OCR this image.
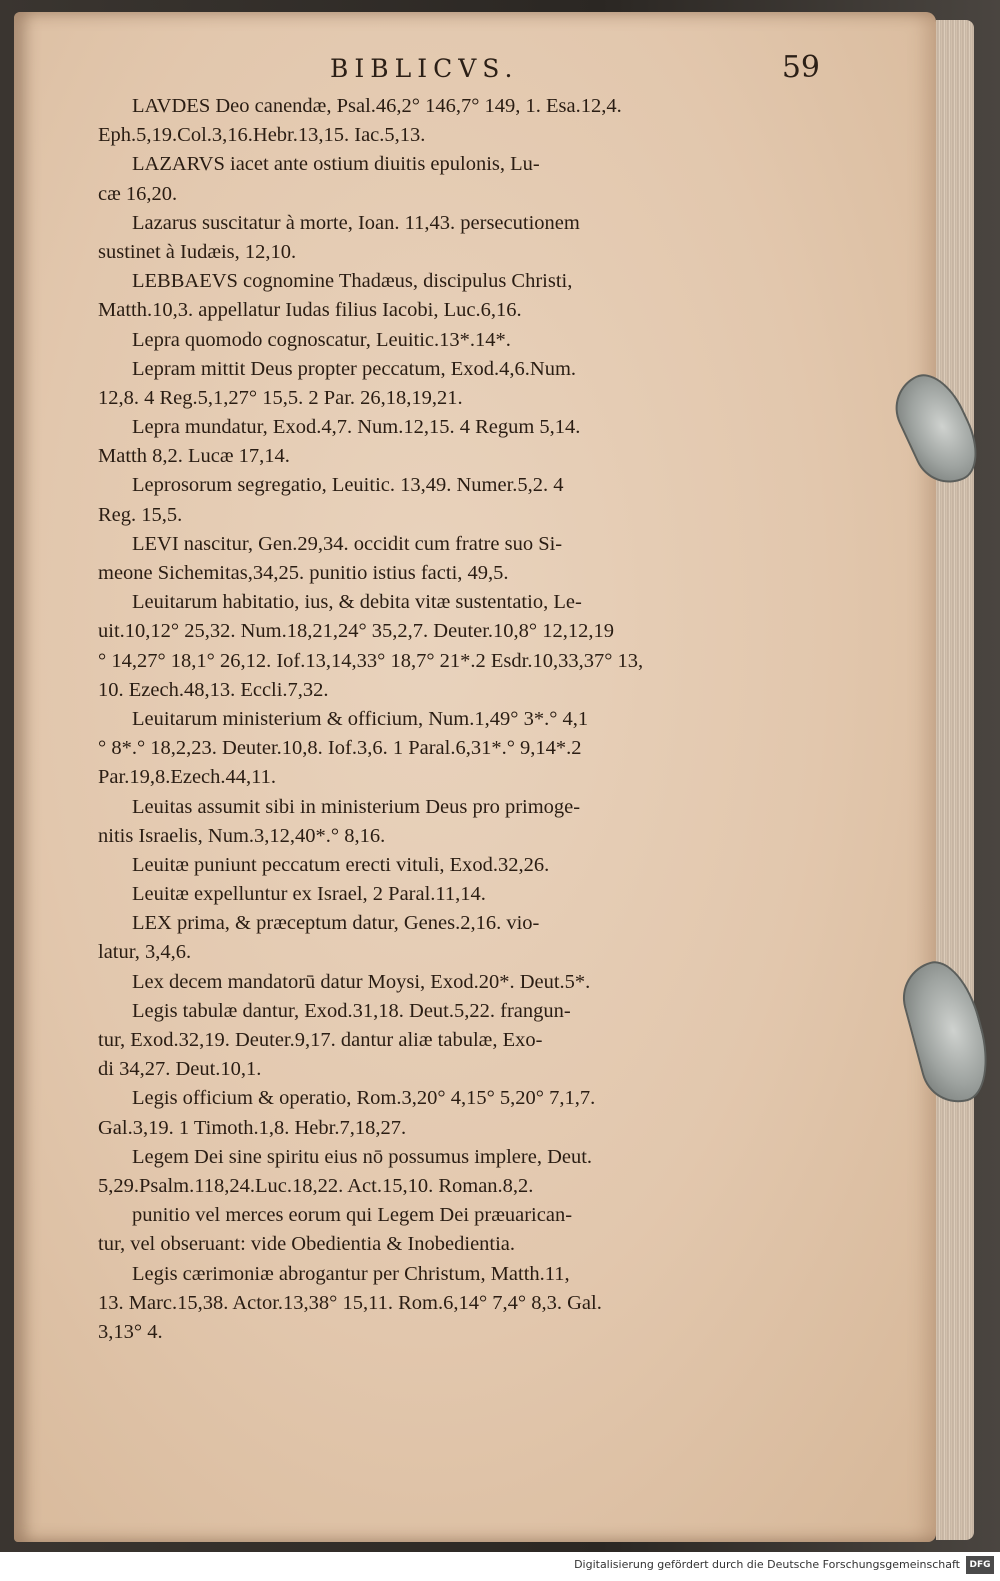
BIBLICVS.	59
LAVDES Deo canendæ, Psal.46,2° 146,7° 149, 1. Esa.12,4.
Eph.5,19.Col.3,16.Hebr.13,15. Iac.5,13.
LAZARVS iacet ante ostium diuitis epulonis, Lu-
cæ 16,20.
Lazarus suscitatur à morte, Ioan. 11,43. persecutionem
sustinet à Iudæis, 12,10.
LEBBAEVS cognomine Thadæus, discipulus Christi,
Matth.10,3. appellatur Iudas filius Iacobi, Luc.6,16.
Lepra quomodo cognoscatur, Leuitic.13*.14*.
Lepram mittit Deus propter peccatum, Exod.4,6.Num.
12,8. 4 Reg.5,1,27° 15,5. 2 Par. 26,18,19,21.
Lepra mundatur, Exod.4,7. Num.12,15. 4 Regum 5,14.
Matth 8,2. Lucæ 17,14.
Leprosorum segregatio, Leuitic. 13,49. Numer.5,2. 4
Reg. 15,5.
LEVI nascitur, Gen.29,34. occidit cum fratre suo Si-
meone Sichemitas,34,25. punitio istius facti, 49,5.
Leuitarum habitatio, ius, & debita vitæ sustentatio, Le-
uit.10,12° 25,32. Num.18,21,24° 35,2,7. Deuter.10,8° 12,12,19
° 14,27° 18,1° 26,12. Iof.13,14,33° 18,7° 21*.2 Esdr.10,33,37° 13,
10. Ezech.48,13. Eccli.7,32.
Leuitarum ministerium & officium, Num.1,49° 3*.° 4,1
° 8*.° 18,2,23. Deuter.10,8. Iof.3,6. 1 Paral.6,31*.° 9,14*.2
Par.19,8.Ezech.44,11.
Leuitas assumit sibi in ministerium Deus pro primoge-
nitis Israelis, Num.3,12,40*.° 8,16.
Leuitæ puniunt peccatum erecti vituli, Exod.32,26.
Leuitæ expelluntur ex Israel, 2 Paral.11,14.
LEX prima, & præceptum datur, Genes.2,16. vio-
latur, 3,4,6.
Lex decem mandatorū datur Moysi, Exod.20*. Deut.5*.
Legis tabulæ dantur, Exod.31,18. Deut.5,22. frangun-
tur, Exod.32,19. Deuter.9,17. dantur aliæ tabulæ, Exo-
di 34,27. Deut.10,1.
Legis officium & operatio, Rom.3,20° 4,15° 5,20° 7,1,7.
Gal.3,19. 1 Timoth.1,8. Hebr.7,18,27.
Legem Dei sine spiritu eius nō possumus implere, Deut.
5,29.Psalm.118,24.Luc.18,22. Act.15,10. Roman.8,2.
punitio vel merces eorum qui Legem Dei præuarican-
tur, vel obseruant: vide Obedientia & Inobedientia.
Legis cærimoniæ abrogantur per Christum, Matth.11,
13. Marc.15,38. Actor.13,38° 15,11. Rom.6,14° 7,4° 8,3. Gal.
3,13° 4.
Digitalisierung gefördert durch die Deutsche Forschungsgemeinschaft	DFG
